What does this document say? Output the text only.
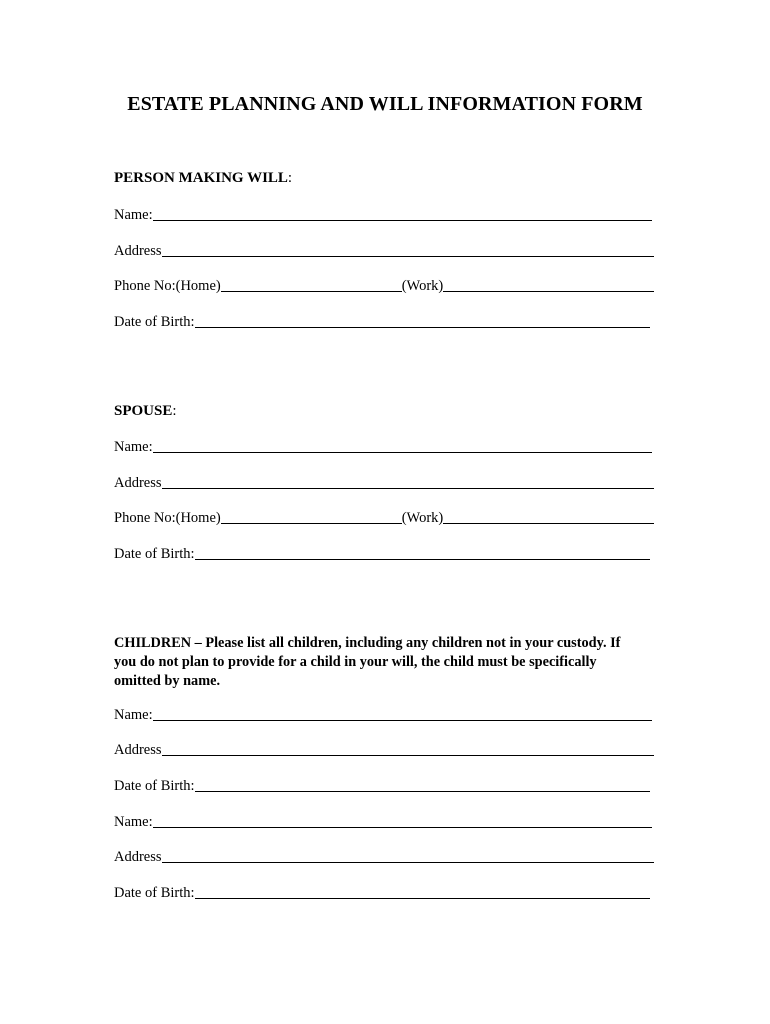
ESTATE PLANNING AND WILL INFORMATION FORM
PERSON MAKING WILL:
Name:
Address
Phone No:(Home)	(Work)
Date of Birth:
SPOUSE:
Name:
Address
Phone No:(Home)	(Work)
Date of Birth:
CHILDREN – Please list all children, including any children not in your custody. If
you do not plan to provide for a child in your will, the child must be specifically
omitted by name.
Name:
Address
Date of Birth:
Name:
Address
Date of Birth:
